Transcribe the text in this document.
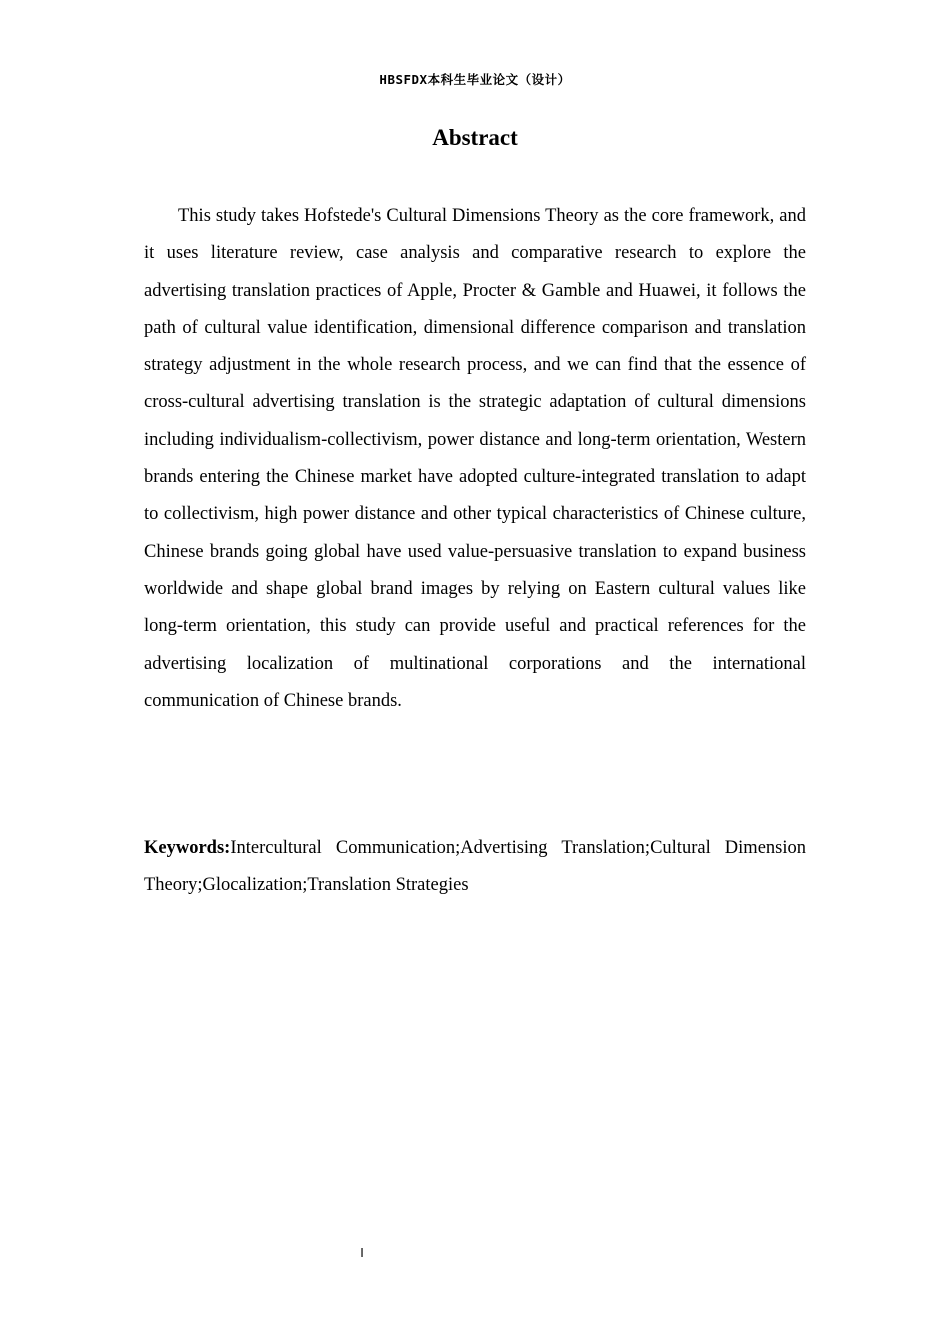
HBSFDX本科生毕业论文（设计）
Abstract

This study takes Hofstede's Cultural Dimensions Theory as the core framework, and it uses literature review, case analysis and comparative research to explore the advertising translation practices of Apple, Procter & Gamble and Huawei, it follows the path of cultural value identification, dimensional difference comparison and translation strategy adjustment in the whole research process, and we can find that the essence of cross-cultural advertising translation is the strategic adaptation of cultural dimensions including individualism-collectivism, power distance and long-term orientation, Western brands entering the Chinese market have adopted culture-integrated translation to adapt to collectivism, high power distance and other typical characteristics of Chinese culture, Chinese brands going global have used value-persuasive translation to expand business worldwide and shape global brand images by relying on Eastern cultural values like long-term orientation, this study can provide useful and practical references for the advertising localization of multinational corporations and the international communication of Chinese brands.

Keywords:Intercultural Communication;Advertising Translation;Cultural Dimension Theory;Glocalization;Translation Strategies

I
